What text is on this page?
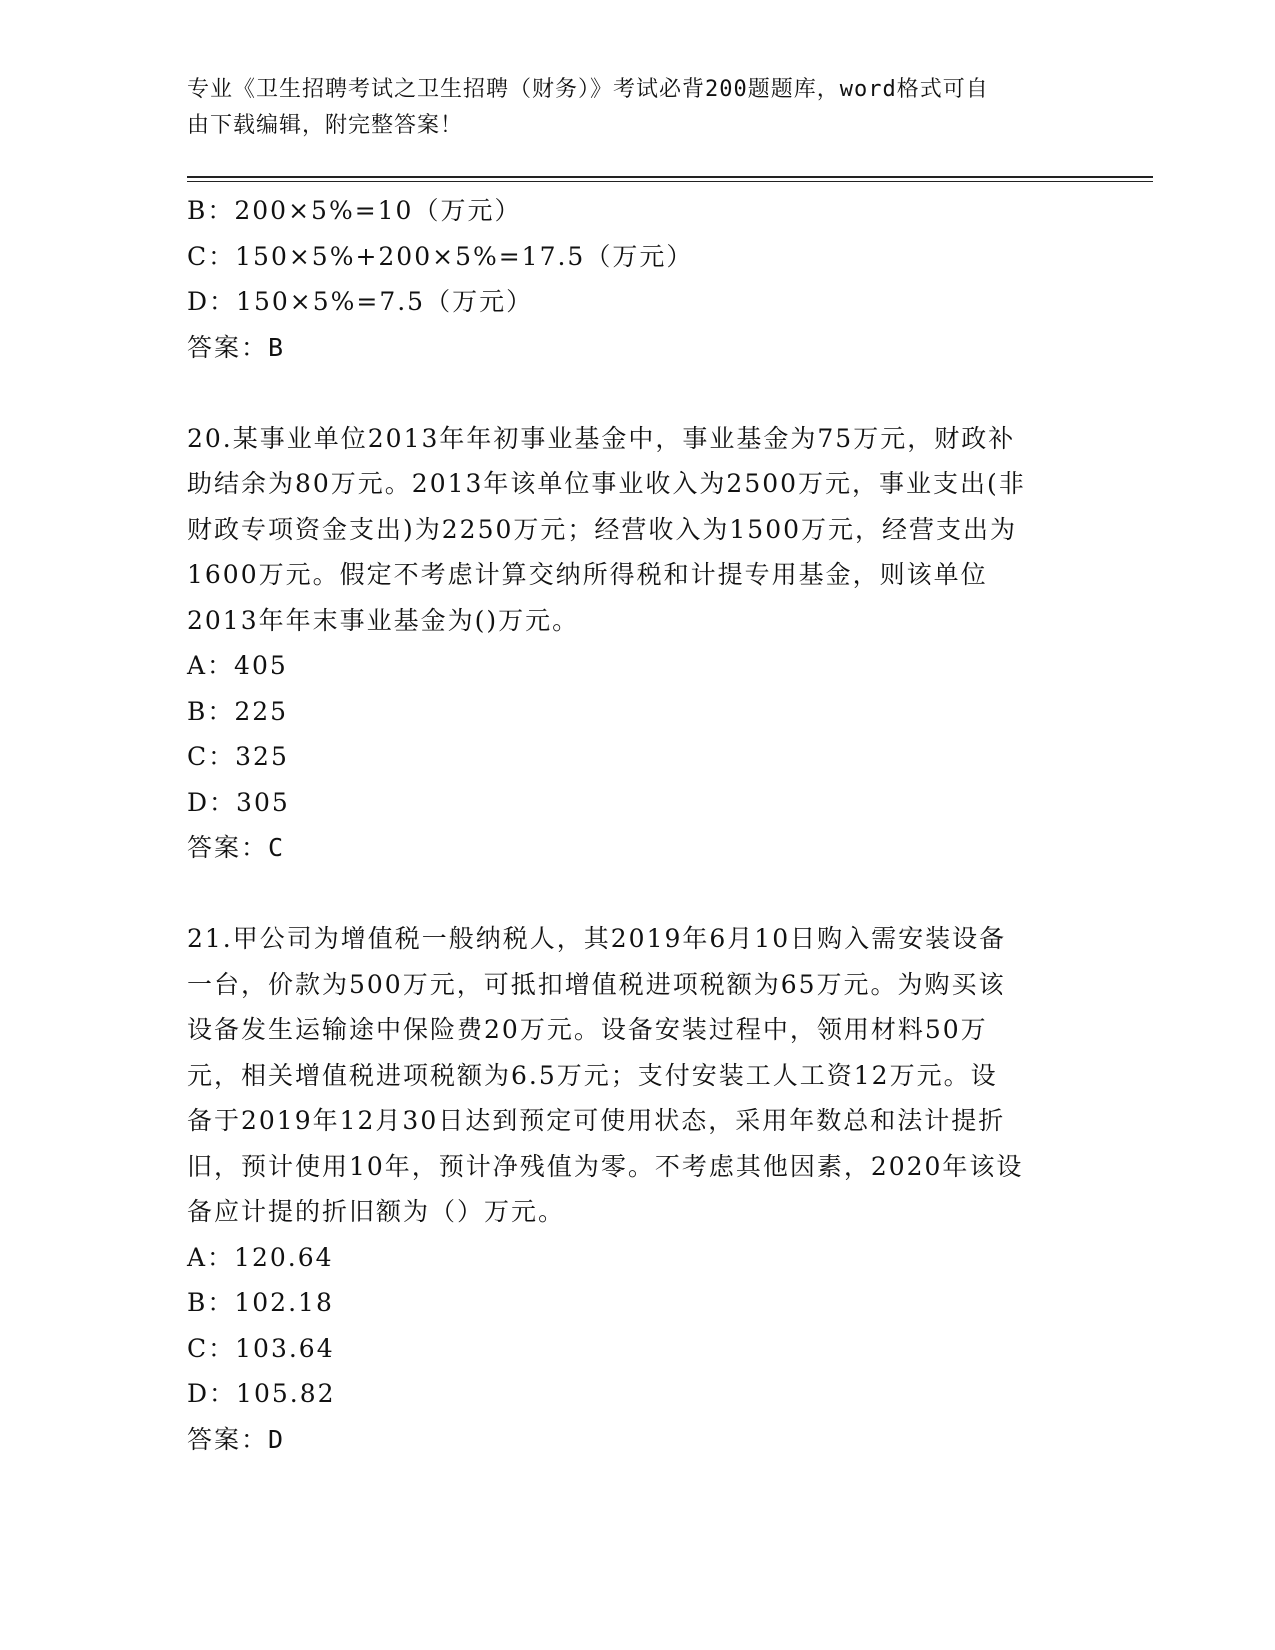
专业《卫生招聘考试之卫生招聘（财务）》考试必背200题题库，word格式可自
由下载编辑，附完整答案！
B：200×5%=10（万元）
C：150×5%+200×5%=17.5（万元）
D：150×5%=7.5（万元）
答案：B
20.某事业单位2013年年初事业基金中，事业基金为75万元，财政补
助结余为80万元。2013年该单位事业收入为2500万元，事业支出(非
财政专项资金支出)为2250万元；经营收入为1500万元，经营支出为
1600万元。假定不考虑计算交纳所得税和计提专用基金，则该单位
2013年年末事业基金为()万元。
A：405
B：225
C：325
D：305
答案：C
21.甲公司为增值税一般纳税人，其2019年6月10日购入需安装设备
一台，价款为500万元，可抵扣增值税进项税额为65万元。为购买该
设备发生运输途中保险费20万元。设备安装过程中，领用材料50万
元，相关增值税进项税额为6.5万元；支付安装工人工资12万元。设
备于2019年12月30日达到预定可使用状态，采用年数总和法计提折
旧，预计使用10年，预计净残值为零。不考虑其他因素，2020年该设
备应计提的折旧额为（）万元。
A：120.64
B：102.18
C：103.64
D：105.82
答案：D
